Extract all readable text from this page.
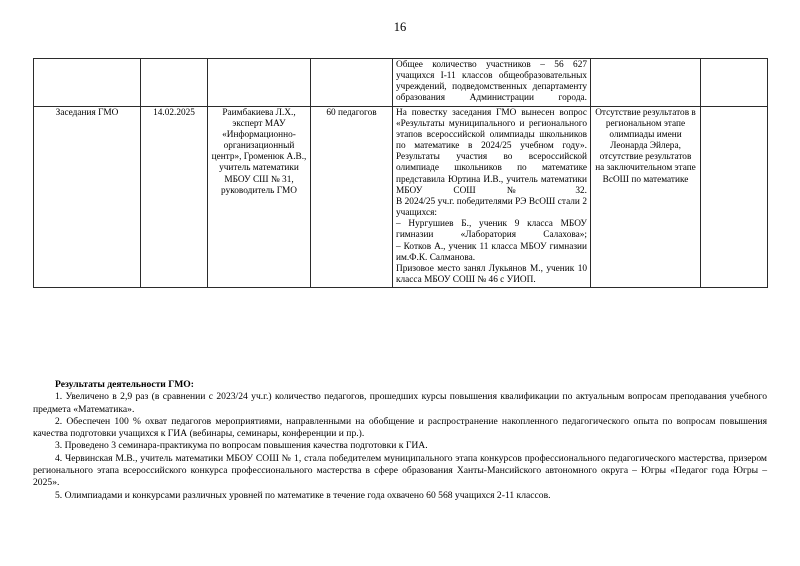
16
				Общее количество участников – 56 627 учащихся I-11 классов общеобразовательных учреждений, подведомственных департаменту образования Администрации города.		
Заседания ГМО	14.02.2025	Раимбакиева Л.Х., эксперт МАУ «Информационно-организационный центр», Громенюк А.В., учитель математики МБОУ СШ № 31, руководитель ГМО	60 педагогов	На повестку заседания ГМО вынесен вопрос «Результаты муниципального и регионального этапов всероссийской олимпиады школьников по математике в 2024/25 учебном году». Результаты участия во всероссийской олимпиаде школьников по математике представила Юртина И.В., учитель математики МБОУ СОШ № 32.
В 2024/25 уч.г. победителями РЭ ВсОШ стали 2 учащихся:
– Нургушиев Б., ученик 9 класса МБОУ гимназии «Лаборатория Салахова»;
– Котков А., ученик 11 класса МБОУ гимназии им.Ф.К. Салманова.
Призовое место занял Лукьянов М., ученик 10 класса МБОУ СОШ № 46 с УИОП.	Отсутствие результатов в региональном этапе олимпиады имени Леонарда Эйлера, отсутствие результатов на заключительном этапе ВсОШ по математике	
Результаты деятельности ГМО:

1. Увеличено в 2,9 раз (в сравнении с 2023/24 уч.г.) количество педагогов, прошедших курсы повышения квалификации по актуальным вопросам преподавания учебного предмета «Математика».

2. Обеспечен 100 % охват педагогов мероприятиями, направленными на обобщение и распространение накопленного педагогического опыта по вопросам повышения качества подготовки учащихся к ГИА (вебинары, семинары, конференции и пр.).

3. Проведено 3 семинара-практикума по вопросам повышения качества подготовки к ГИА.

4. Червинская М.В., учитель математики МБОУ СОШ № 1, стала победителем муниципального этапа конкурсов профессионального педагогического мастерства, призером регионального этапа всероссийского конкурса профессионального мастерства в сфере образования Ханты-Мансийского автономного округа – Югры «Педагог года Югры – 2025».

5. Олимпиадами и конкурсами различных уровней по математике в течение года охвачено 60 568 учащихся 2-11 классов.
